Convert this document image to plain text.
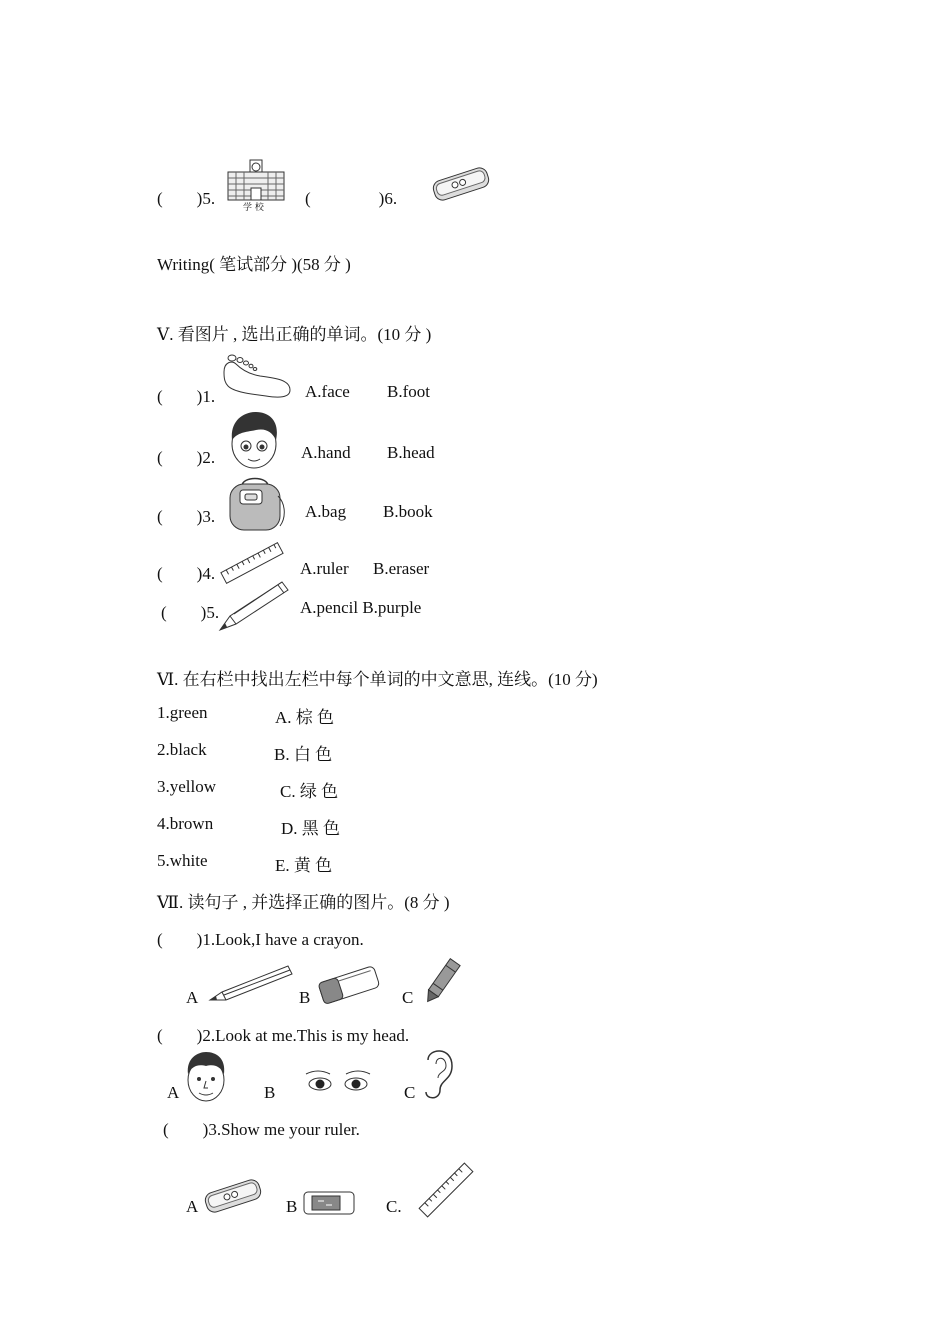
(　　)5.	学 校 (　　　　)6.
Writing( 笔试部分 )(58 分 )
Ⅴ. 看图片 , 选出正确的单词。(10 分 )
(　　)1.	A.face B.foot
(　　)2.	A.hand B.head
(　　)3.	A.bag B.book
(　　)4.	A.ruler B.eraser
(　　)5.	A.pencil B.purple
Ⅵ. 在右栏中找出左栏中每个单词的中文意思, 连线。(10 分)
1.green	A. 棕 色
2.black	B. 白 色
3.yellow	C. 绿 色
4.brown	D. 黑 色
5.white	E. 黄 色
Ⅶ. 读句子 , 并选择正确的图片。(8 分 )
(　　)1.Look,I have a crayon.
A	B	C
(　　)2.Look at me.This is my head.
A	B	C
(　　)3.Show me your ruler.
A	B	C.
